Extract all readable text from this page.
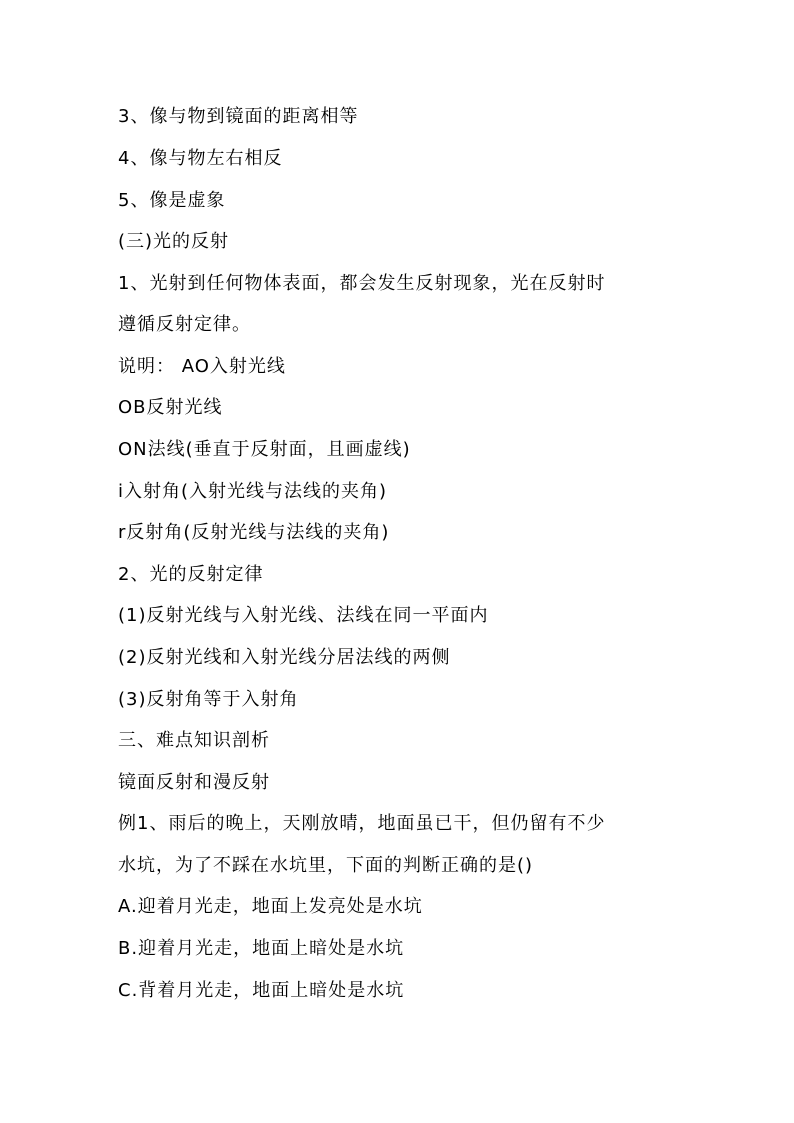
3、像与物到镜面的距离相等
4、像与物左右相反
5、像是虚象
(三)光的反射
1、光射到任何物体表面，都会发生反射现象，光在反射时
遵循反射定律。
说明： AO入射光线
OB反射光线
ON法线(垂直于反射面，且画虚线)
i入射角(入射光线与法线的夹角)
r反射角(反射光线与法线的夹角)
2、光的反射定律
(1)反射光线与入射光线、法线在同一平面内
(2)反射光线和入射光线分居法线的两侧
(3)反射角等于入射角
三、难点知识剖析
镜面反射和漫反射
例1、雨后的晚上，天刚放晴，地面虽已干，但仍留有不少
水坑，为了不踩在水坑里，下面的判断正确的是()
A.迎着月光走，地面上发亮处是水坑
B.迎着月光走，地面上暗处是水坑
C.背着月光走，地面上暗处是水坑
